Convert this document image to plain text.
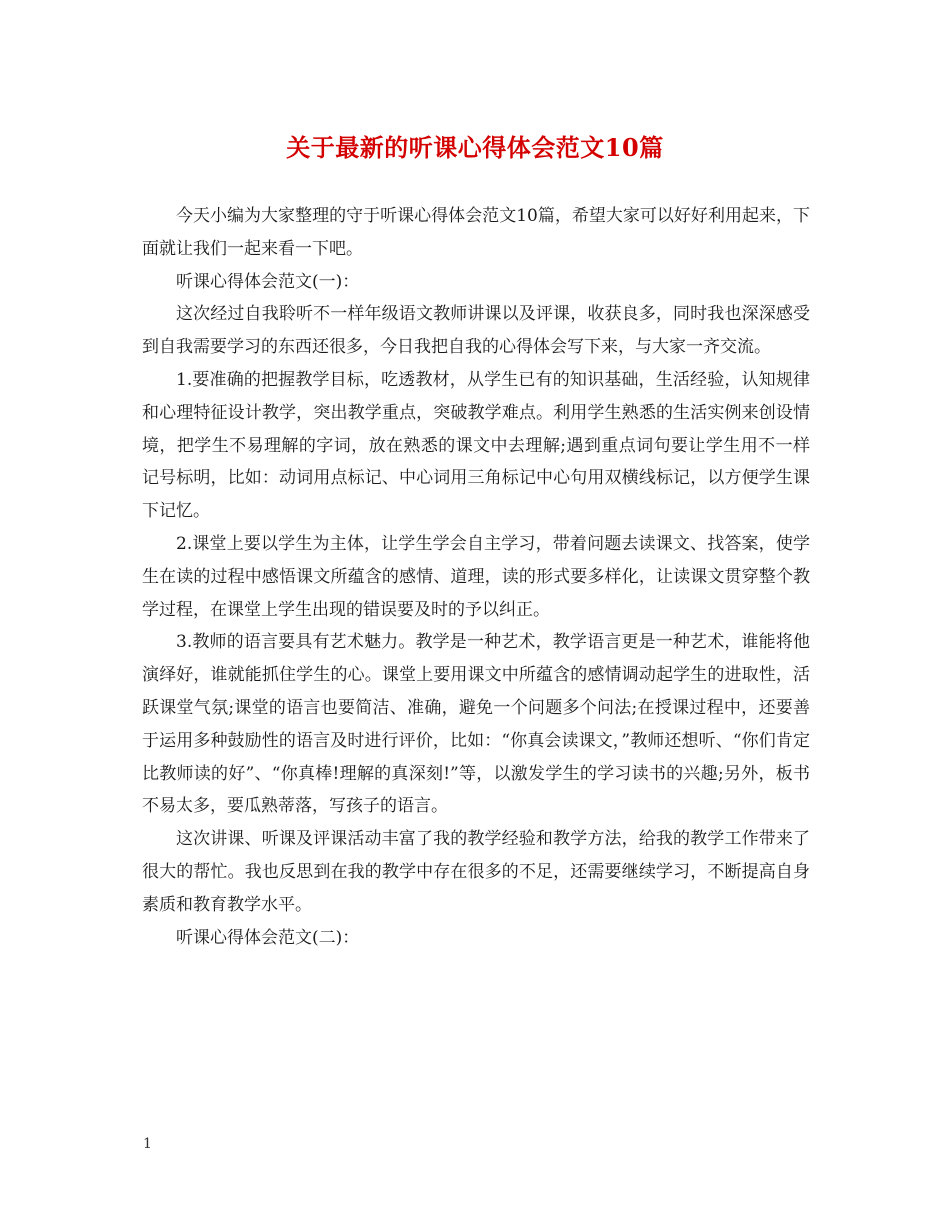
关于最新的听课心得体会范文10篇

今天小编为大家整理的守于听课心得体会范文10篇，希望大家可以好好利用起来，下面就让我们一起来看一下吧。

听课心得体会范文(一)：

这次经过自我聆听不一样年级语文教师讲课以及评课，收获良多，同时我也深深感受到自我需要学习的东西还很多，今日我把自我的心得体会写下来，与大家一齐交流。

1.要准确的把握教学目标，吃透教材，从学生已有的知识基础，生活经验，认知规律和心理特征设计教学，突出教学重点，突破教学难点。利用学生熟悉的生活实例来创设情境，把学生不易理解的字词，放在熟悉的课文中去理解;遇到重点词句要让学生用不一样记号标明，比如：动词用点标记、中心词用三角标记中心句用双横线标记，以方便学生课下记忆。

2.课堂上要以学生为主体，让学生学会自主学习，带着问题去读课文、找答案，使学生在读的过程中感悟课文所蕴含的感情、道理，读的形式要多样化，让读课文贯穿整个教学过程，在课堂上学生出现的错误要及时的予以纠正。

3.教师的语言要具有艺术魅力。教学是一种艺术，教学语言更是一种艺术，谁能将他演绎好，谁就能抓住学生的心。课堂上要用课文中所蕴含的感情调动起学生的进取性，活跃课堂气氛;课堂的语言也要简洁、准确，避免一个问题多个问法;在授课过程中，还要善于运用多种鼓励性的语言及时进行评价，比如：“你真会读课文，”教师还想听、“你们肯定比教师读的好”、“你真棒!理解的真深刻!”等，以激发学生的学习读书的兴趣;另外，板书不易太多，要瓜熟蒂落，写孩子的语言。

这次讲课、听课及评课活动丰富了我的教学经验和教学方法，给我的教学工作带来了很大的帮忙。我也反思到在我的教学中存在很多的不足，还需要继续学习，不断提高自身素质和教育教学水平。

听课心得体会范文(二)：

1
